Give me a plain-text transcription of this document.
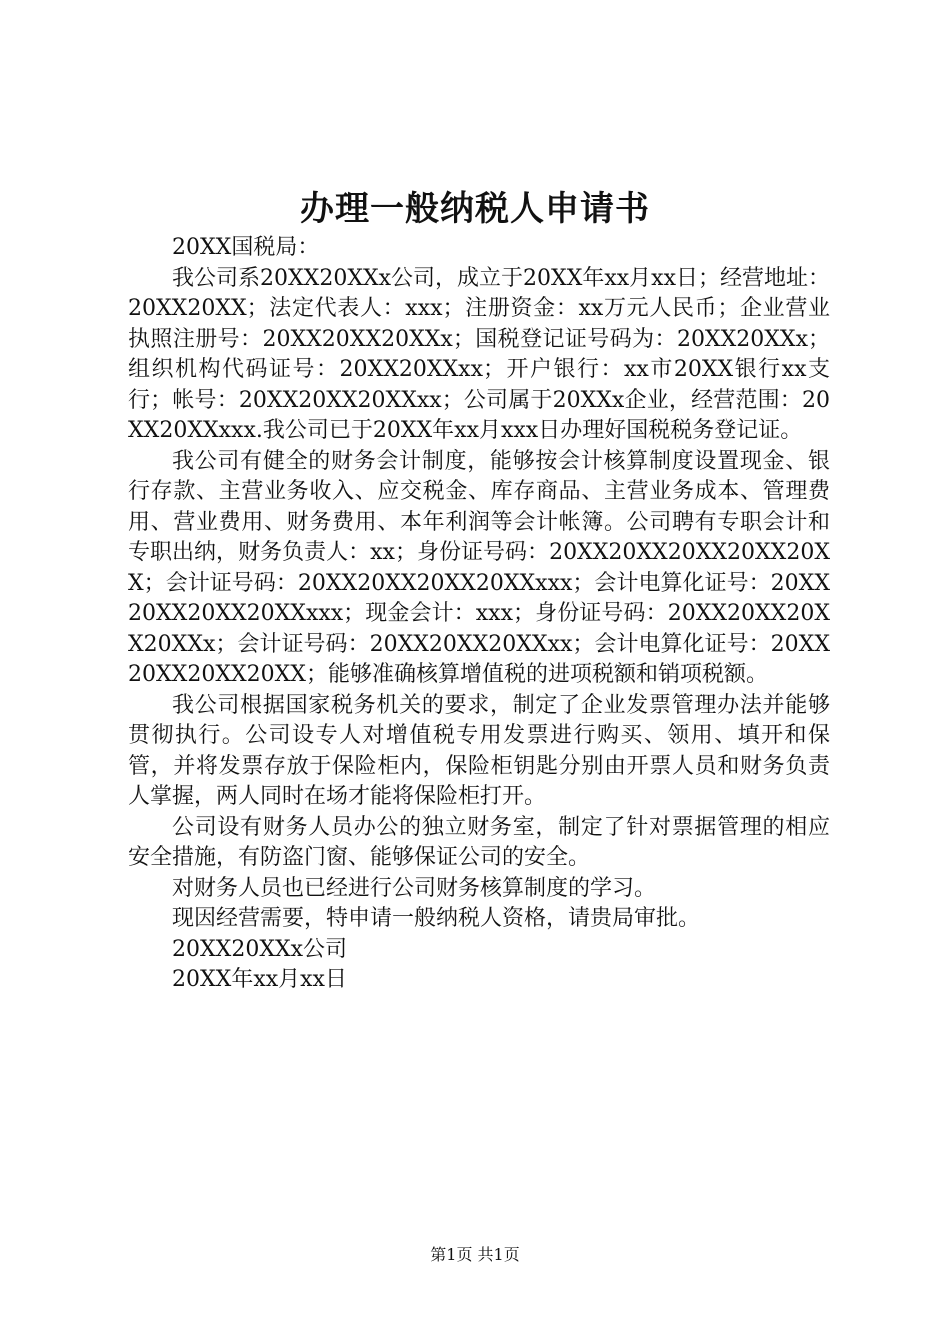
办理一般纳税人申请书

20XX国税局：

我公司系20XX20XXx公司，成立于20XX年xx月xx日；经营地址：20XX20XX；法定代表人：xxx；注册资金：xx万元人民币；企业营业执照注册号：20XX20XX20XXx；国税登记证号码为：20XX20XXx；组织机构代码证号：20XX20XXxx；开户银行：xx市20XX银行xx支行；帐号：20XX20XX20XXxx；公司属于20XXx企业，经营范围：20XX20XXxxx.我公司已于20XX年xx月xxx日办理好国税税务登记证。

我公司有健全的财务会计制度，能够按会计核算制度设置现金、银行存款、主营业务收入、应交税金、库存商品、主营业务成本、管理费用、营业费用、财务费用、本年利润等会计帐簿。公司聘有专职会计和专职出纳，财务负责人：xx；身份证号码：20XX20XX20XX20XX20XX；会计证号码：20XX20XX20XX20XXxxx；会计电算化证号：20XX20XX20XX20XXxxx；现金会计：xxx；身份证号码：20XX20XX20XX20XXx；会计证号码：20XX20XX20XXxx；会计电算化证号：20XX20XX20XX20XX；能够准确核算增值税的进项税额和销项税额。

我公司根据国家税务机关的要求，制定了企业发票管理办法并能够贯彻执行。公司设专人对增值税专用发票进行购买、领用、填开和保管，并将发票存放于保险柜内，保险柜钥匙分别由开票人员和财务负责人掌握，两人同时在场才能将保险柜打开。

公司设有财务人员办公的独立财务室，制定了针对票据管理的相应安全措施，有防盗门窗、能够保证公司的安全。

对财务人员也已经进行公司财务核算制度的学习。

现因经营需要，特申请一般纳税人资格，请贵局审批。

20XX20XXx公司

20XX年xx月xx日

第1页 共1页
